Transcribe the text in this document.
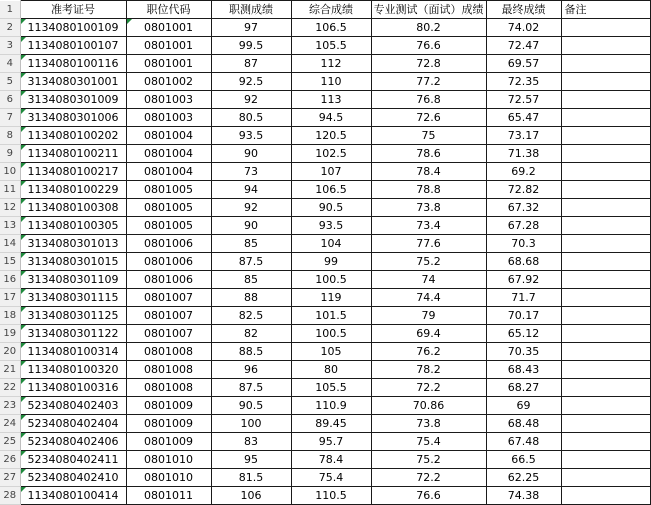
1	准考证号	职位代码	职测成绩	综合成绩	专业测试（面试）成绩	最终成绩	备注
2	1134080100109	0801001	97	106.5	80.2	74.02	
3	1134080100107	0801001	99.5	105.5	76.6	72.47	
4	1134080100116	0801001	87	112	72.8	69.57	
5	3134080301001	0801002	92.5	110	77.2	72.35	
6	3134080301009	0801003	92	113	76.8	72.57	
7	3134080301006	0801003	80.5	94.5	72.6	65.47	
8	1134080100202	0801004	93.5	120.5	75	73.17	
9	1134080100211	0801004	90	102.5	78.6	71.38	
10	1134080100217	0801004	73	107	78.4	69.2	
11	1134080100229	0801005	94	106.5	78.8	72.82	
12	1134080100308	0801005	92	90.5	73.8	67.32	
13	1134080100305	0801005	90	93.5	73.4	67.28	
14	3134080301013	0801006	85	104	77.6	70.3	
15	3134080301015	0801006	87.5	99	75.2	68.68	
16	3134080301109	0801006	85	100.5	74	67.92	
17	3134080301115	0801007	88	119	74.4	71.7	
18	3134080301125	0801007	82.5	101.5	79	70.17	
19	3134080301122	0801007	82	100.5	69.4	65.12	
20	1134080100314	0801008	88.5	105	76.2	70.35	
21	1134080100320	0801008	96	80	78.2	68.43	
22	1134080100316	0801008	87.5	105.5	72.2	68.27	
23	5234080402403	0801009	90.5	110.9	70.86	69	
24	5234080402404	0801009	100	89.45	73.8	68.48	
25	5234080402406	0801009	83	95.7	75.4	67.48	
26	5234080402411	0801010	95	78.4	75.2	66.5	
27	5234080402410	0801010	81.5	75.4	72.2	62.25	
28	1134080100414	0801011	106	110.5	76.6	74.38	
